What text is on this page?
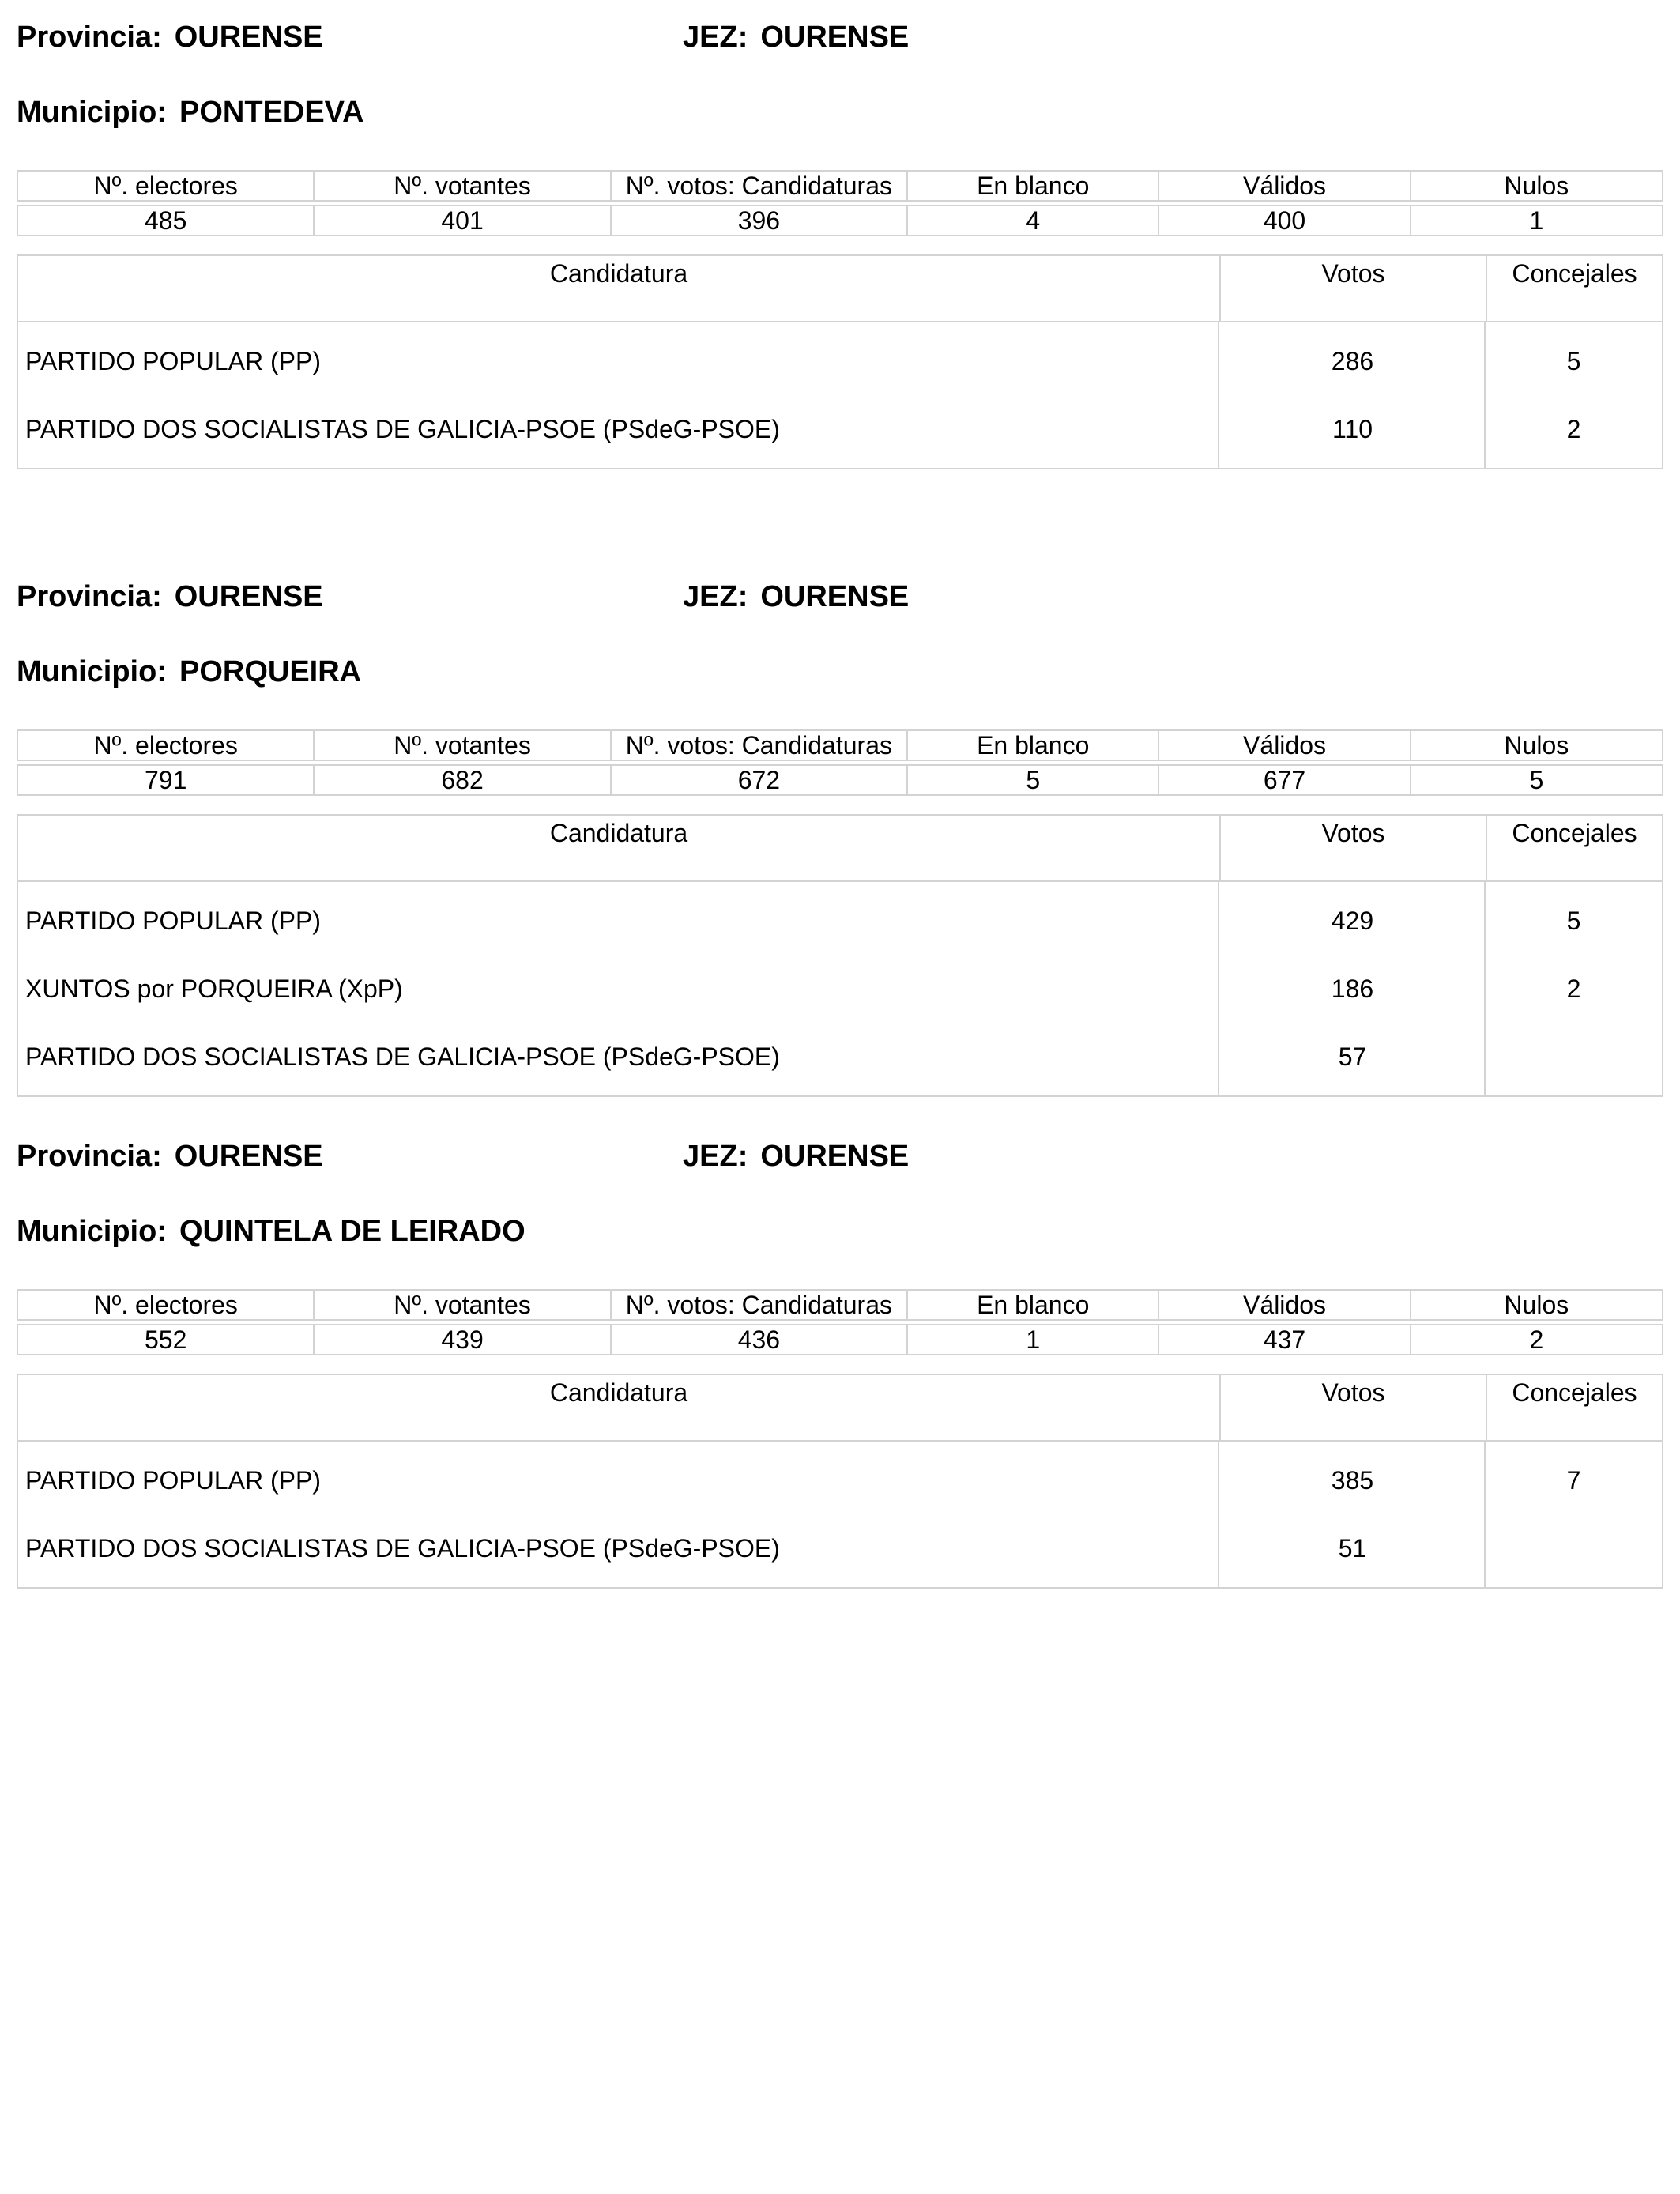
Provincia: OURENSE	JEZ: OURENSE
Municipio: PONTEDEVA
Nº. electores	Nº. votantes	Nº. votos: Candidaturas	En blanco	Válidos	Nulos

485	401	396	4	400	1
Candidatura	Votos	Concejales
PARTIDO POPULAR (PP)	286	5
PARTIDO DOS SOCIALISTAS DE GALICIA-PSOE (PSdeG-PSOE)	110	2
Provincia: OURENSE	JEZ: OURENSE
Municipio: PORQUEIRA
Nº. electores	Nº. votantes	Nº. votos: Candidaturas	En blanco	Válidos	Nulos

791	682	672	5	677	5
Candidatura	Votos	Concejales
PARTIDO POPULAR (PP)	429	5
XUNTOS por PORQUEIRA (XpP)	186	2
PARTIDO DOS SOCIALISTAS DE GALICIA-PSOE (PSdeG-PSOE)	57
Provincia: OURENSE	JEZ: OURENSE
Municipio: QUINTELA DE LEIRADO
Nº. electores	Nº. votantes	Nº. votos: Candidaturas	En blanco	Válidos	Nulos

552	439	436	1	437	2
Candidatura	Votos	Concejales
PARTIDO POPULAR (PP)	385	7
PARTIDO DOS SOCIALISTAS DE GALICIA-PSOE (PSdeG-PSOE)	51
